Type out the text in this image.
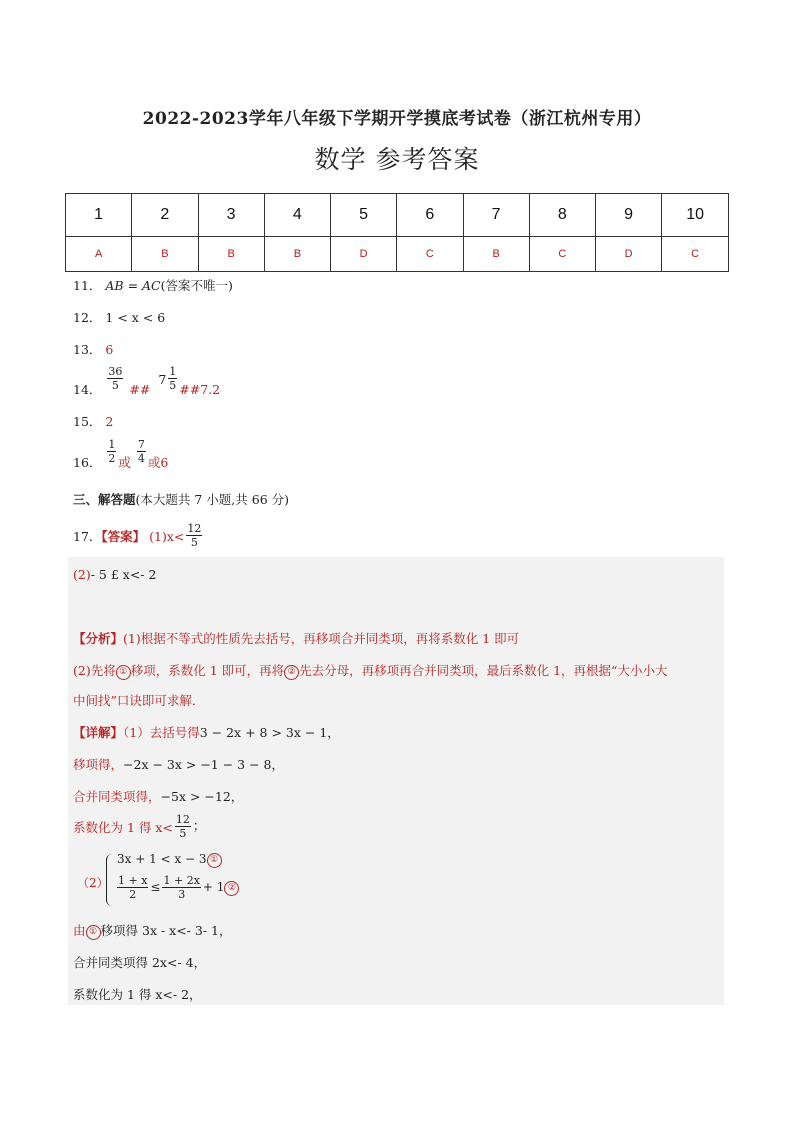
2022-2023学年八年级下学期开学摸底考试卷（浙江杭州专用）
数学 参考答案
1	2	3	4	5	6	7	8	9	10
A	B	B	B	D	C	B	C	D	C
11． AB = AC(答案不唯一)
12． 1 < x < 6
13． 6
14． $\frac{36}{5}$ ## $7 \frac{1}{5}$ ##7.2
15． 2
16． $\frac{1}{2}$ 或 $\frac{7}{4}$ 或6
三、解答题(本大题共 7 小题,共 66 分)
17．【答案】 $(1)x< \frac{12}{5}$
(2)- 5 £ x<- 2
【分析】(1)根据不等式的性质先去括号，再移项合并同类项，再将系数化 1 即可
(2)先将 ① 移项，系数化 1 即可，再将 ② 先去分母，再移项再合并同类项，最后系数化 1，再根据“大小小大
中间找”口诀即可求解．
【详解】（1）去括号得3 − 2x + 8 > 3x − 1，
移项得，−2x − 3x > −1 − 3 − 8，
合并同类项得，−5x > −12，
系数化为 1 得 $x< \frac{12}{5}$ ；
（2）
3x + 1 < x − 3 ①
$\frac{1 + x}{2} \le \frac{1 + 2x}{3} + 1$ ②
由 ① 移项得 3x - x<- 3- 1，
合并同类项得 2x<- 4，
系数化为 1 得 x<- 2，
